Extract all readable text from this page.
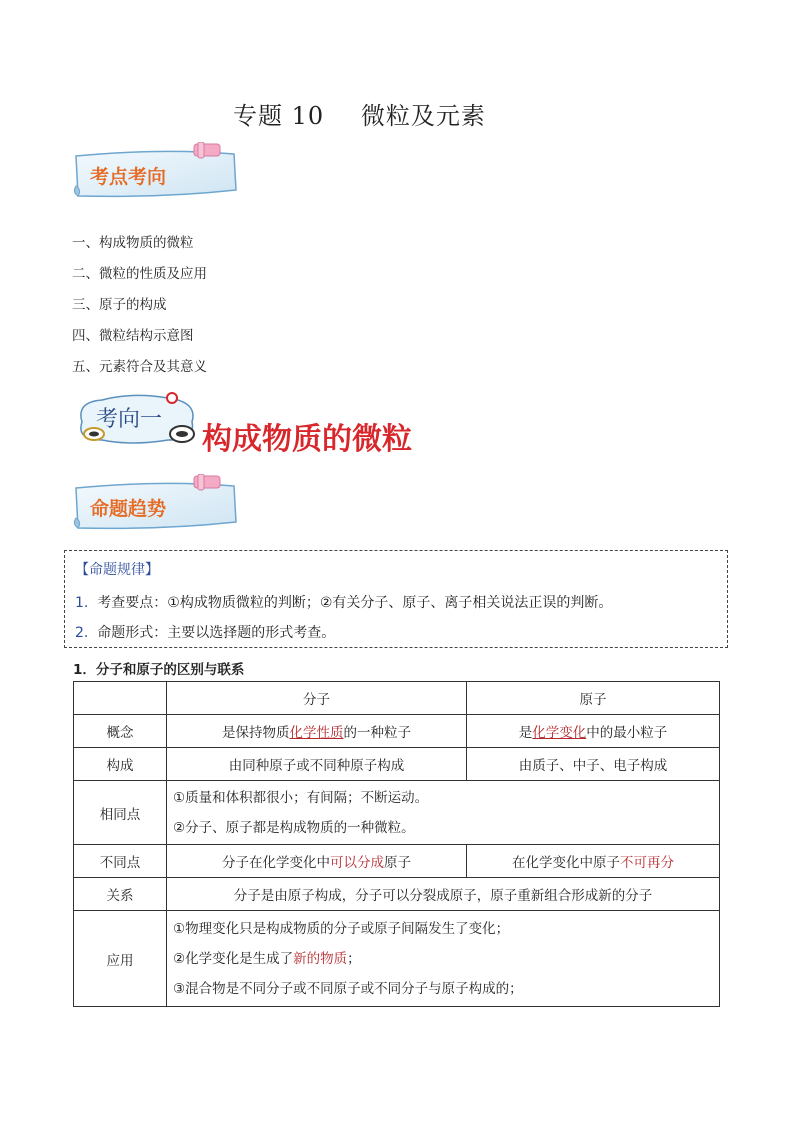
专题 10 微粒及元素
考点考向
一、构成物质的微粒
二、微粒的性质及应用
三、原子的构成
四、微粒结构示意图
五、元素符合及其意义
考向一
构成物质的微粒
命题趋势
【命题规律】
1. 考查要点：①构成物质微粒的判断；②有关分子、原子、离子相关说法正误的判断。
2. 命题形式：主要以选择题的形式考查。
1．分子和原子的区别与联系
	分子	原子
概念	是保持物质化学性质的一种粒子	是化学变化中的最小粒子
构成	由同种原子或不同种原子构成	由质子、中子、电子构成
相同点	①质量和体积都很小；有间隔；不断运动。
②分子、原子都是构成物质的一种微粒。	

不同点	分子在化学变化中可以分成原子	在化学变化中原子不可再分
关系	分子是由原子构成，分子可以分裂成原子，原子重新组合形成新的分子	
应用	①物理变化只是构成物质的分子或原子间隔发生了变化；
②化学变化是生成了新的物质；
③混合物是不同分子或不同原子或不同分子与原子构成的；	
